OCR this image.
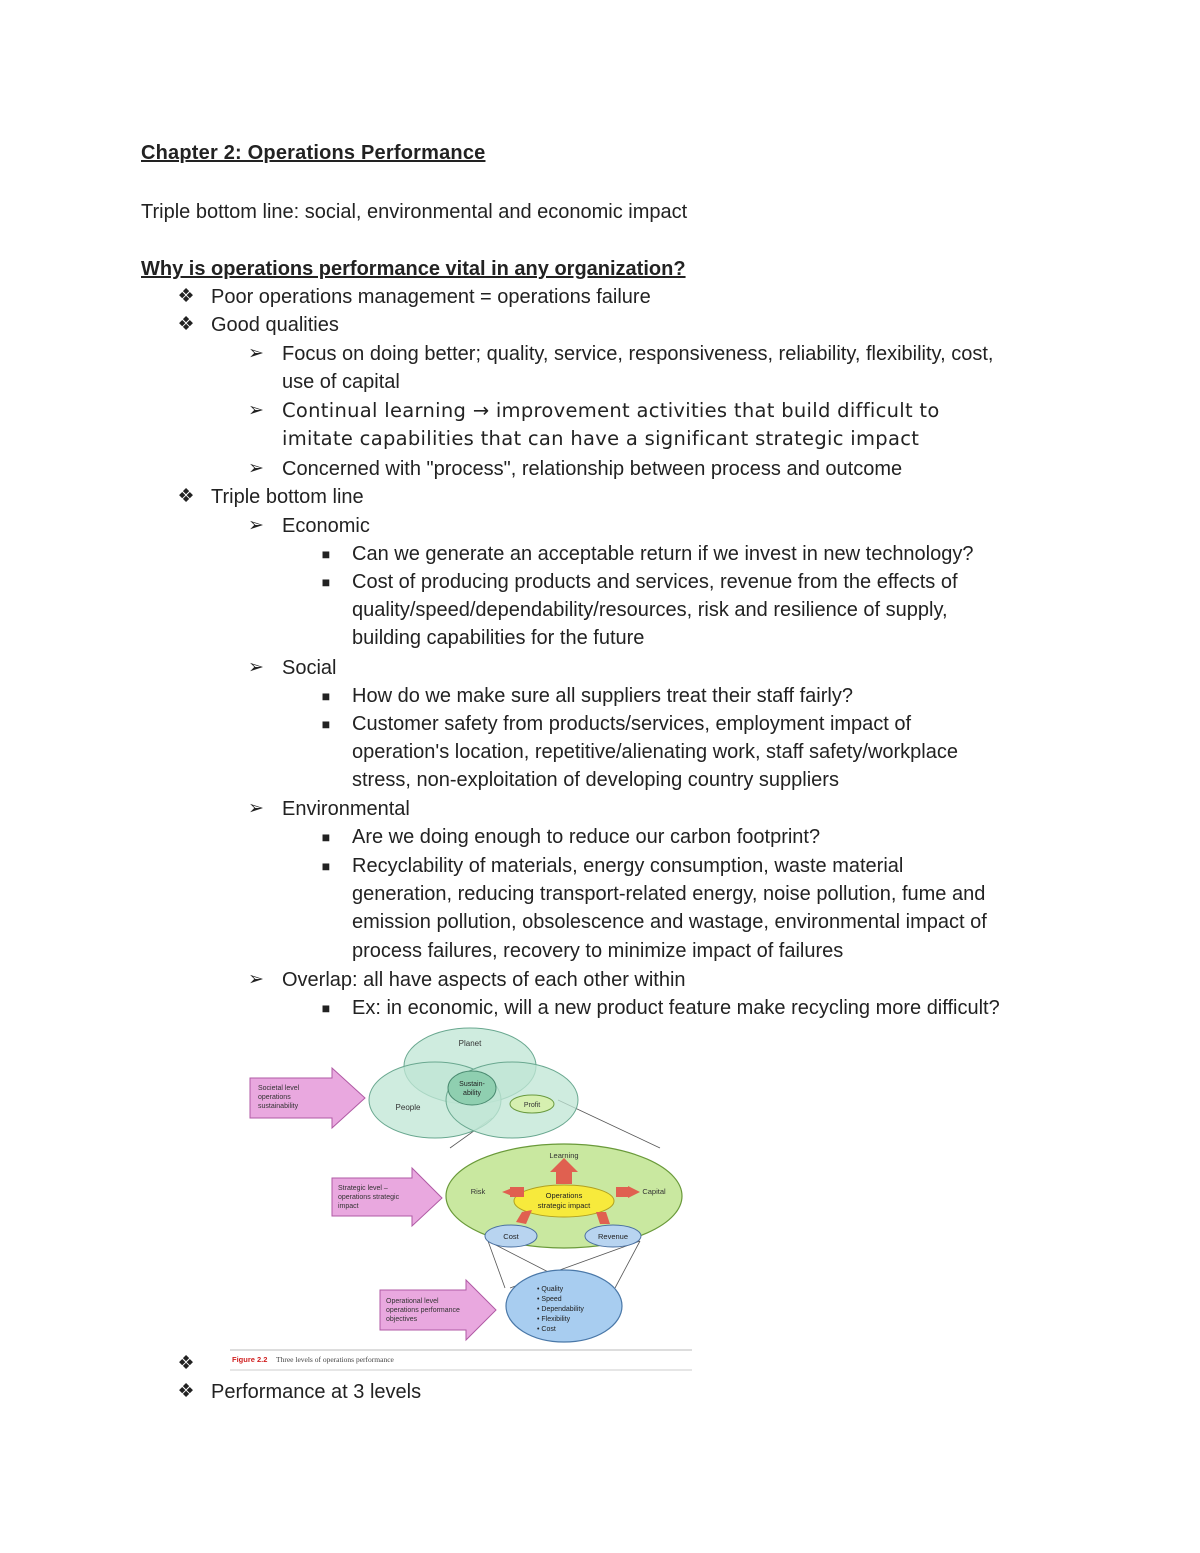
Chapter 2: Operations Performance
Triple bottom line: social, environmental and economic impact
Why is operations performance vital in any organization?
❖ Poor operations management = operations failure
❖ Good qualities
➢ Focus on doing better; quality, service, responsiveness, reliability, flexibility, cost,
use of capital
➢ Continual learning → improvement activities that build difficult to
imitate capabilities that can have a significant strategic impact
➢ Concerned with "process", relationship between process and outcome
❖ Triple bottom line
➢ Economic
■ Can we generate an acceptable return if we invest in new technology?
■ Cost of producing products and services, revenue from the effects of
quality/speed/dependability/resources, risk and resilience of supply,
building capabilities for the future
➢ Social
■ How do we make sure all suppliers treat their staff fairly?
■ Customer safety from products/services, employment impact of
operation's location, repetitive/alienating work, staff safety/workplace
stress, non-exploitation of developing country suppliers
➢ Environmental
■ Are we doing enough to reduce our carbon footprint?
■ Recyclability of materials, energy consumption, waste material
generation, reducing transport-related energy, noise pollution, fume and
emission pollution, obsolescence and wastage, environmental impact of
process failures, recovery to minimize impact of failures
➢ Overlap: all have aspects of each other within
■ Ex: in economic, will a new product feature make recycling more difficult?
Planet
People	Profit
Sustain-
ability
Societal level
operations
sustainability
Operations
strategic impact
Learning
Risk	Capital
Cost	Revenue
Strategic level –
operations strategic
impact
• Quality
• Speed
• Dependability
• Flexibility
• Cost
Operational level
operations performance
objectives
Figure 2.2 Three levels of operations performance
❖
❖ Performance at 3 levels
